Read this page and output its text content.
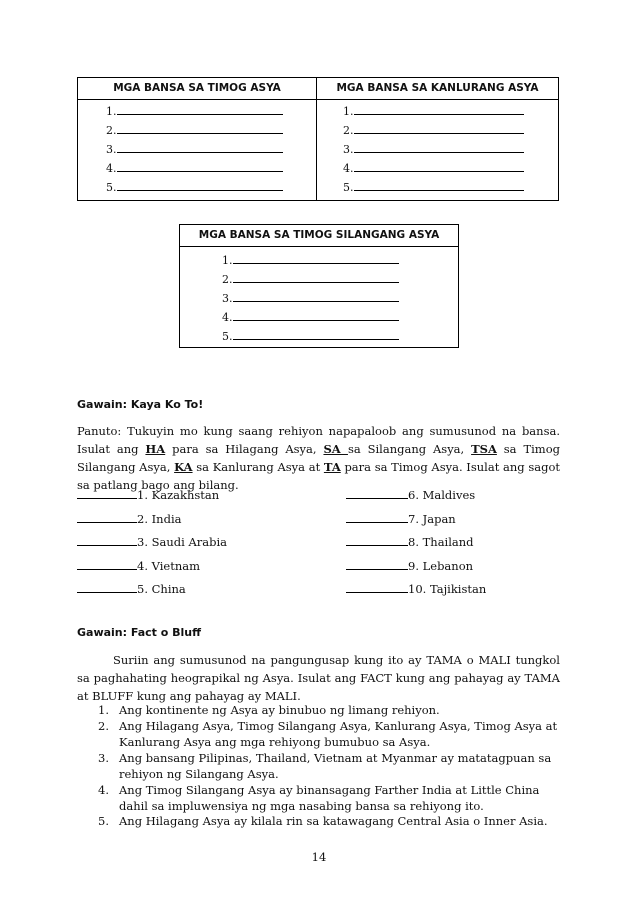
MGA BANSA SA TIMOG ASYA	MGA BANSA SA KANLURANG ASYA
1.
2.
3.
4.
5.
1.
2.
3.
4.
5.
MGA BANSA SA TIMOG SILANGANG ASYA
1.
2.
3.
4.
5.
Gawain: Kaya Ko To!
Panuto: Tukuyin mo kung saang rehiyon napapaloob ang sumusunod na bansa. Isulat ang HA para sa Hilagang Asya, SA sa Silangang Asya, TSA sa Timog Silangang Asya, KA sa Kanlurang Asya at TA para sa Timog Asya. Isulat ang sagot sa patlang bago ang bilang.
1. Kazakhstan
2. India
3. Saudi Arabia
4. Vietnam
5. China
6. Maldives
7. Japan
8. Thailand
9. Lebanon
10. Tajikistan
Gawain: Fact o Bluff
Suriin ang sumusunod na pangungusap kung ito ay TAMA o MALI tungkol sa paghahating heograpikal ng Asya. Isulat ang FACT kung ang pahayag ay TAMA at BLUFF kung ang pahayag ay MALI.
1. Ang kontinente ng Asya ay binubuo ng limang rehiyon.
2. Ang Hilagang Asya, Timog Silangang Asya, Kanlurang Asya, Timog Asya at
Kanlurang Asya ang mga rehiyong bumubuo sa Asya.
3. Ang bansang Pilipinas, Thailand, Vietnam at Myanmar ay matatagpuan sa
rehiyon ng Silangang Asya.
4. Ang Timog Silangang Asya ay binansagang Farther India at Little China
dahil sa impluwensiya ng mga nasabing bansa sa rehiyong ito.
5. Ang Hilagang Asya ay kilala rin sa katawagang Central Asia o Inner Asia.
14
